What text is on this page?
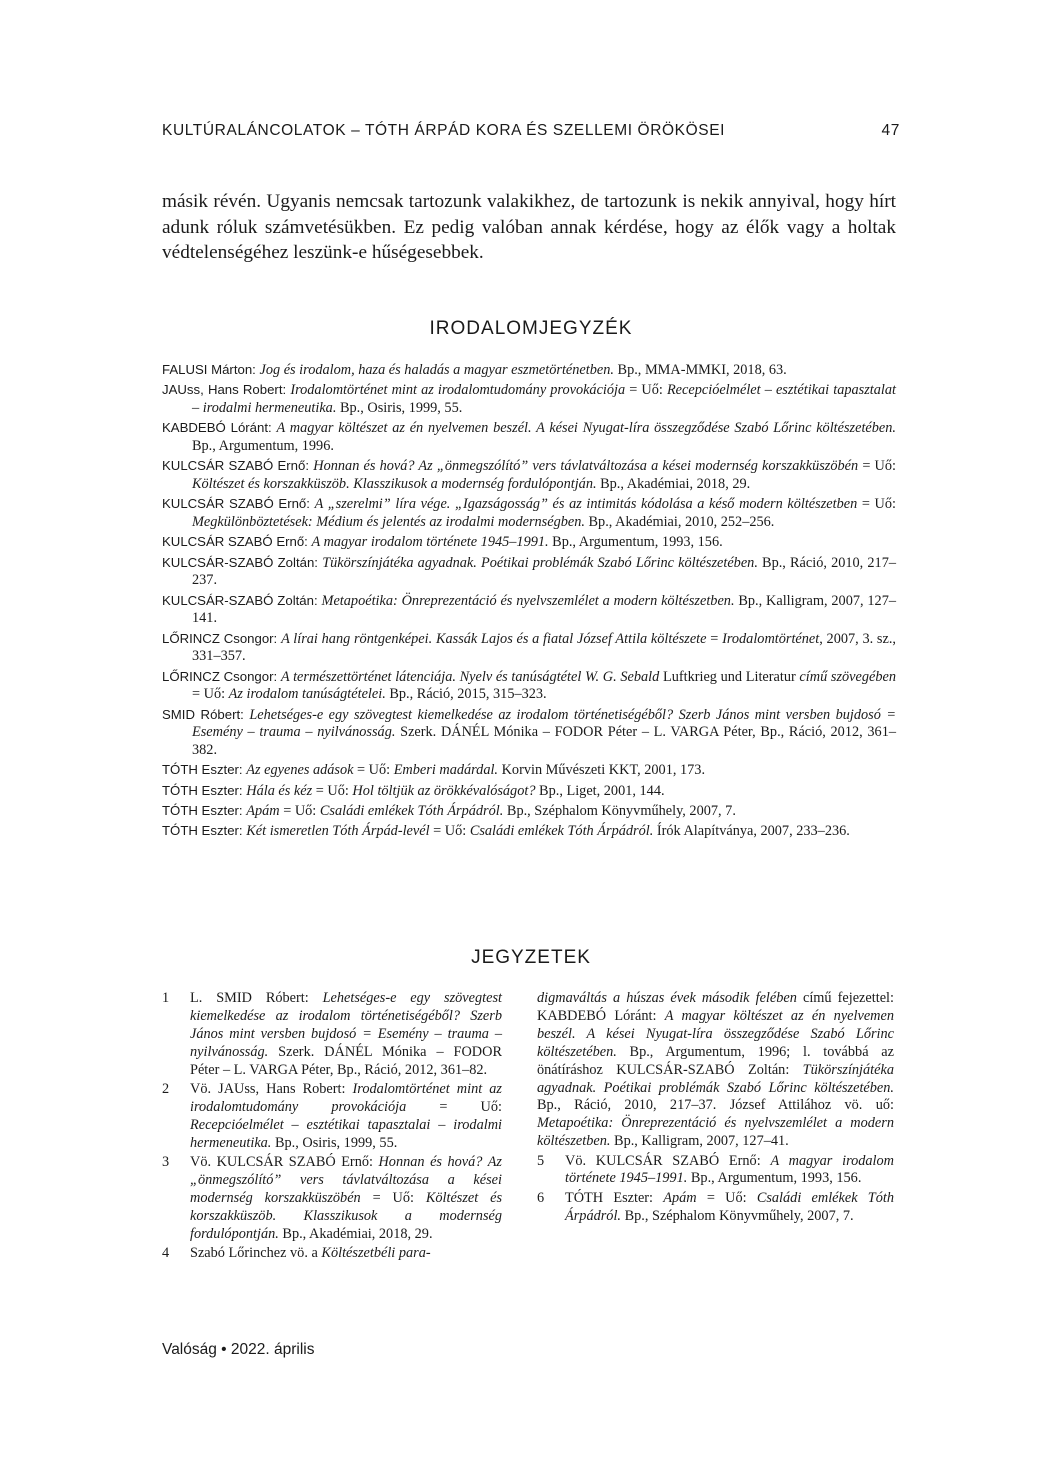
KULTÚRALÁNCOLATOK – TÓTH ÁRPÁD KORA ÉS SZELLEMI ÖRÖKÖSEI	47

másik révén. Ugyanis nemcsak tartozunk valakikhez, de tartozunk is nekik annyival, hogy hírt adunk róluk számvetésükben. Ez pedig valóban annak kérdése, hogy az élők vagy a holtak védtelenségéhez leszünk-e hűségesebbek.

IRODALOMJEGYZÉK
FALUSI Márton: Jog és irodalom, haza és haladás a magyar eszmetörténetben. Bp., MMA-MMKI, 2018, 63.
JAUss, Hans Robert: Irodalomtörténet mint az irodalomtudomány provokációja = Uő: Recepcióelmélet – esztétikai tapasztalat – irodalmi hermeneutika. Bp., Osiris, 1999, 55.
KABDEBÓ Lóránt: A magyar költészet az én nyelvemen beszél. A kései Nyugat-líra összegződése Szabó Lőrinc költészetében. Bp., Argumentum, 1996.
KULCSÁR SZABÓ Ernő: Honnan és hová? Az „önmegszólító” vers távlatváltozása a kései modernség korszakküszöbén = Uő: Költészet és korszakküszöb. Klasszikusok a modernség fordulópontján. Bp., Akadémiai, 2018, 29.
KULCSÁR SZABÓ Ernő: A „szerelmi” líra vége. „Igazságosság” és az intimitás kódolása a késő modern költészetben = Uő: Megkülönböztetések: Médium és jelentés az irodalmi modernségben. Bp., Akadémiai, 2010, 252–256.
KULCSÁR SZABÓ Ernő: A magyar irodalom története 1945–1991. Bp., Argumentum, 1993, 156.
KULCSÁR-SZABÓ Zoltán: Tükörszínjátéka agyadnak. Poétikai problémák Szabó Lőrinc költészetében. Bp., Ráció, 2010, 217–237.
KULCSÁR-SZABÓ Zoltán: Metapoétika: Önreprezentáció és nyelvszemlélet a modern költészetben. Bp., Kalligram, 2007, 127–141.
LŐRINCZ Csongor: A lírai hang röntgenképei. Kassák Lajos és a fiatal József Attila költészete = Irodalomtörténet, 2007, 3. sz., 331–357.
LŐRINCZ Csongor: A természettörténet látenciája. Nyelv és tanúságtétel W. G. Sebald Luftkrieg und Literatur című szövegében = Uő: Az irodalom tanúságtételei. Bp., Ráció, 2015, 315–323.
SMID Róbert: Lehetséges-e egy szövegtest kiemelkedése az irodalom történetiségéből? Szerb János mint versben bujdosó = Esemény – trauma – nyilvánosság. Szerk. DÁNÉL Mónika – FODOR Péter – L. VARGA Péter, Bp., Ráció, 2012, 361–382.
TÓTH Eszter: Az egyenes adások = Uő: Emberi madárdal. Korvin Művészeti KKT, 2001, 173.
TÓTH Eszter: Hála és kéz = Uő: Hol töltjük az örökkévalóságot? Bp., Liget, 2001, 144.
TÓTH Eszter: Apám = Uő: Családi emlékek Tóth Árpádról. Bp., Széphalom Könyvműhely, 2007, 7.
TÓTH Eszter: Két ismeretlen Tóth Árpád-levél = Uő: Családi emlékek Tóth Árpádról. Írók Alapítványa, 2007, 233–236.
JEGYZETEK
1 L. SMID Róbert: Lehetséges-e egy szövegtest kiemelkedése az irodalom történetiségéből? Szerb János mint versben bujdosó = Esemény – trauma – nyilvánosság. Szerk. DÁNÉL Mónika – FODOR Péter – L. VARGA Péter, Bp., Ráció, 2012, 361–82.
2 Vö. JAUss, Hans Robert: Irodalomtörténet mint az irodalomtudomány provokációja = Uő: Recepcióelmélet – esztétikai tapasztalai – irodalmi hermeneutika. Bp., Osiris, 1999, 55.
3 Vö. KULCSÁR SZABÓ Ernő: Honnan és hová? Az „önmegszólító” vers távlatváltozása a kései modernség korszakküszöbén = Uő: Költészet és korszakküszöb. Klasszikusok a modernség fordulópontján. Bp., Akadémiai, 2018, 29.
4 Szabó Lőrinchez vö. a Költészetbéli para-
digmaváltás a húszas évek második felében című fejezettel: KABDEBÓ Lóránt: A magyar költészet az én nyelvemen beszél. A kései Nyugat-líra összegződése Szabó Lőrinc költészetében. Bp., Argumentum, 1996; l. továbbá az önátíráshoz KULCSÁR-SZABÓ Zoltán: Tükörszínjátéka agyadnak. Poétikai problémák Szabó Lőrinc költészetében. Bp., Ráció, 2010, 217–37. József Attilához vö. uő: Metapoétika: Önreprezentáció és nyelvszemlélet a modern költészetben. Bp., Kalligram, 2007, 127–41.
5 Vö. KULCSÁR SZABÓ Ernő: A magyar irodalom története 1945–1991. Bp., Argumentum, 1993, 156.
6 TÓTH Eszter: Apám = Uő: Családi emlékek Tóth Árpádról. Bp., Széphalom Könyvműhely, 2007, 7.
Valóság • 2022. április
